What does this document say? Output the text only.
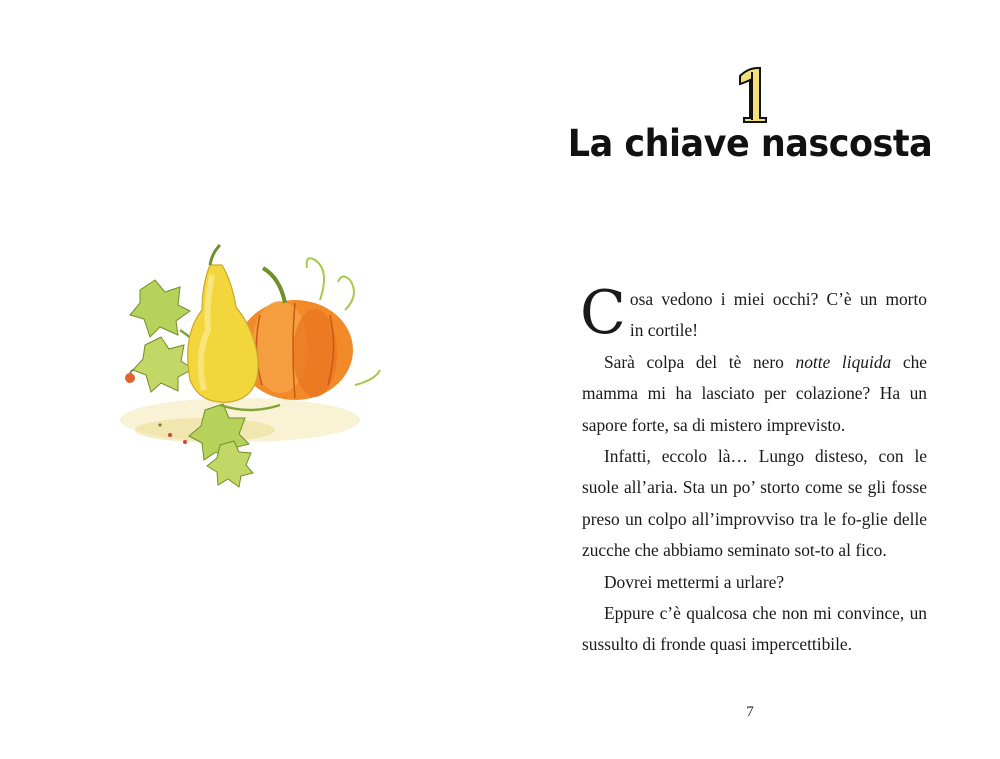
La chiave nascosta

C osa vedono i miei occhi? C’è un morto
in cortile!

Sarà colpa del tè nero notte liquida che mamma mi ha lasciato per colazione? Ha un sapore forte, sa di mistero imprevisto.

Infatti, eccolo là… Lungo disteso, con le suole all’aria. Sta un po’ storto come se gli fosse preso un colpo all’improvviso tra le fo-glie delle zucche che abbiamo seminato sot-to al fico.

Dovrei mettermi a urlare?

Eppure c’è qualcosa che non mi convince, un sussulto di fronde quasi impercettibile.

7
